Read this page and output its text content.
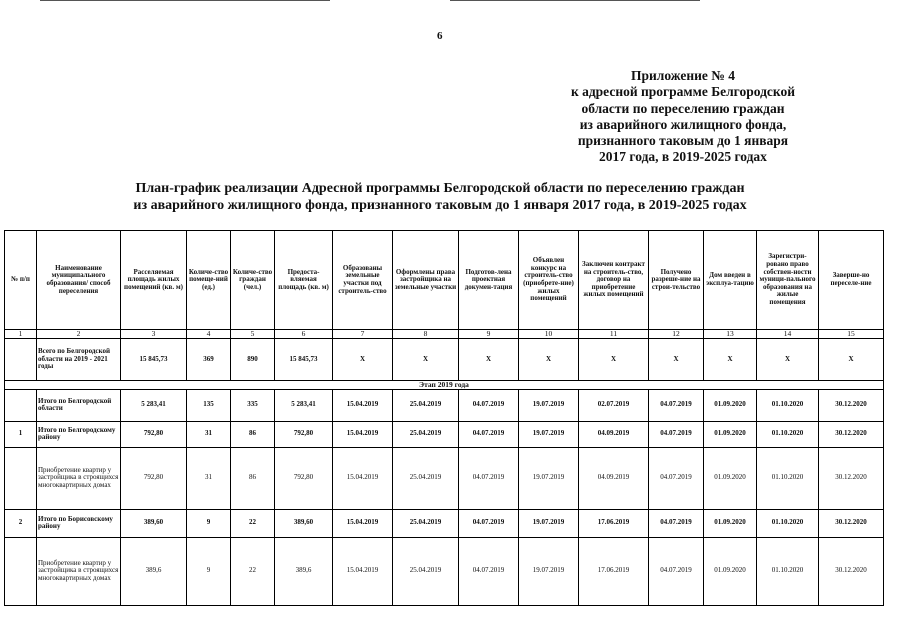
6
Приложение № 4
к адресной программе Белгородской
области по переселению граждан
из аварийного жилищного фонда,
признанного таковым до 1 января
2017 года, в 2019-2025 годах
План-график реализации Адресной программы Белгородской области по переселению граждан
из аварийного жилищного фонда, признанного таковым до 1 января 2017 года, в 2019-2025 годах
№ п/п	Наименование муниципального образования/ способ переселения	Расселяемая площадь жилых помещений (кв. м)	Количе-ство помеще-ний (ед.)	Количе-ство граждан (чел.)	Предоста-вляемая площадь (кв. м)	Образованы земельные участки под строитель-ство	Оформлены права застройщика на земельные участки	Подготов-лена проектная докумен-тация	Объявлен конкурс на строитель-ство (приобрете-ние) жилых помещений	Заключен контракт на строитель-ство, договор на приобретение жилых помещений	Получено разреше-ние на строи-тельство	Дом введен в эксплуа-тацию	Зарегистри-ровано право собствен-ности муници-пального образования на жилые помещения	Заверше-но переселе-ние
1	2	3	4	5	6	7	8	9	10	11	12	13	14	15
	Всего по Белгородской области на 2019 - 2021 годы	15 845,73	369	890	15 845,73	Х	Х	Х	Х	Х	Х	Х	Х	Х
Этап 2019 года														
	Итого по Белгородской области	5 283,41	135	335	5 283,41	15.04.2019	25.04.2019	04.07.2019	19.07.2019	02.07.2019	04.07.2019	01.09.2020	01.10.2020	30.12.2020
1	Итого по Белгородскому району	792,80	31	86	792,80	15.04.2019	25.04.2019	04.07.2019	19.07.2019	04.09.2019	04.07.2019	01.09.2020	01.10.2020	30.12.2020
	Приобретение квартир у застройщика в строящихся многоквартирных домах	792,80	31	86	792,80	15.04.2019	25.04.2019	04.07.2019	19.07.2019	04.09.2019	04.07.2019	01.09.2020	01.10.2020	30.12.2020
2	Итого по Борисовскому району	389,60	9	22	389,60	15.04.2019	25.04.2019	04.07.2019	19.07.2019	17.06.2019	04.07.2019	01.09.2020	01.10.2020	30.12.2020
	Приобретение квартир у застройщика в строящихся многоквартирных домах	389,6	9	22	389,6	15.04.2019	25.04.2019	04.07.2019	19.07.2019	17.06.2019	04.07.2019	01.09.2020	01.10.2020	30.12.2020
